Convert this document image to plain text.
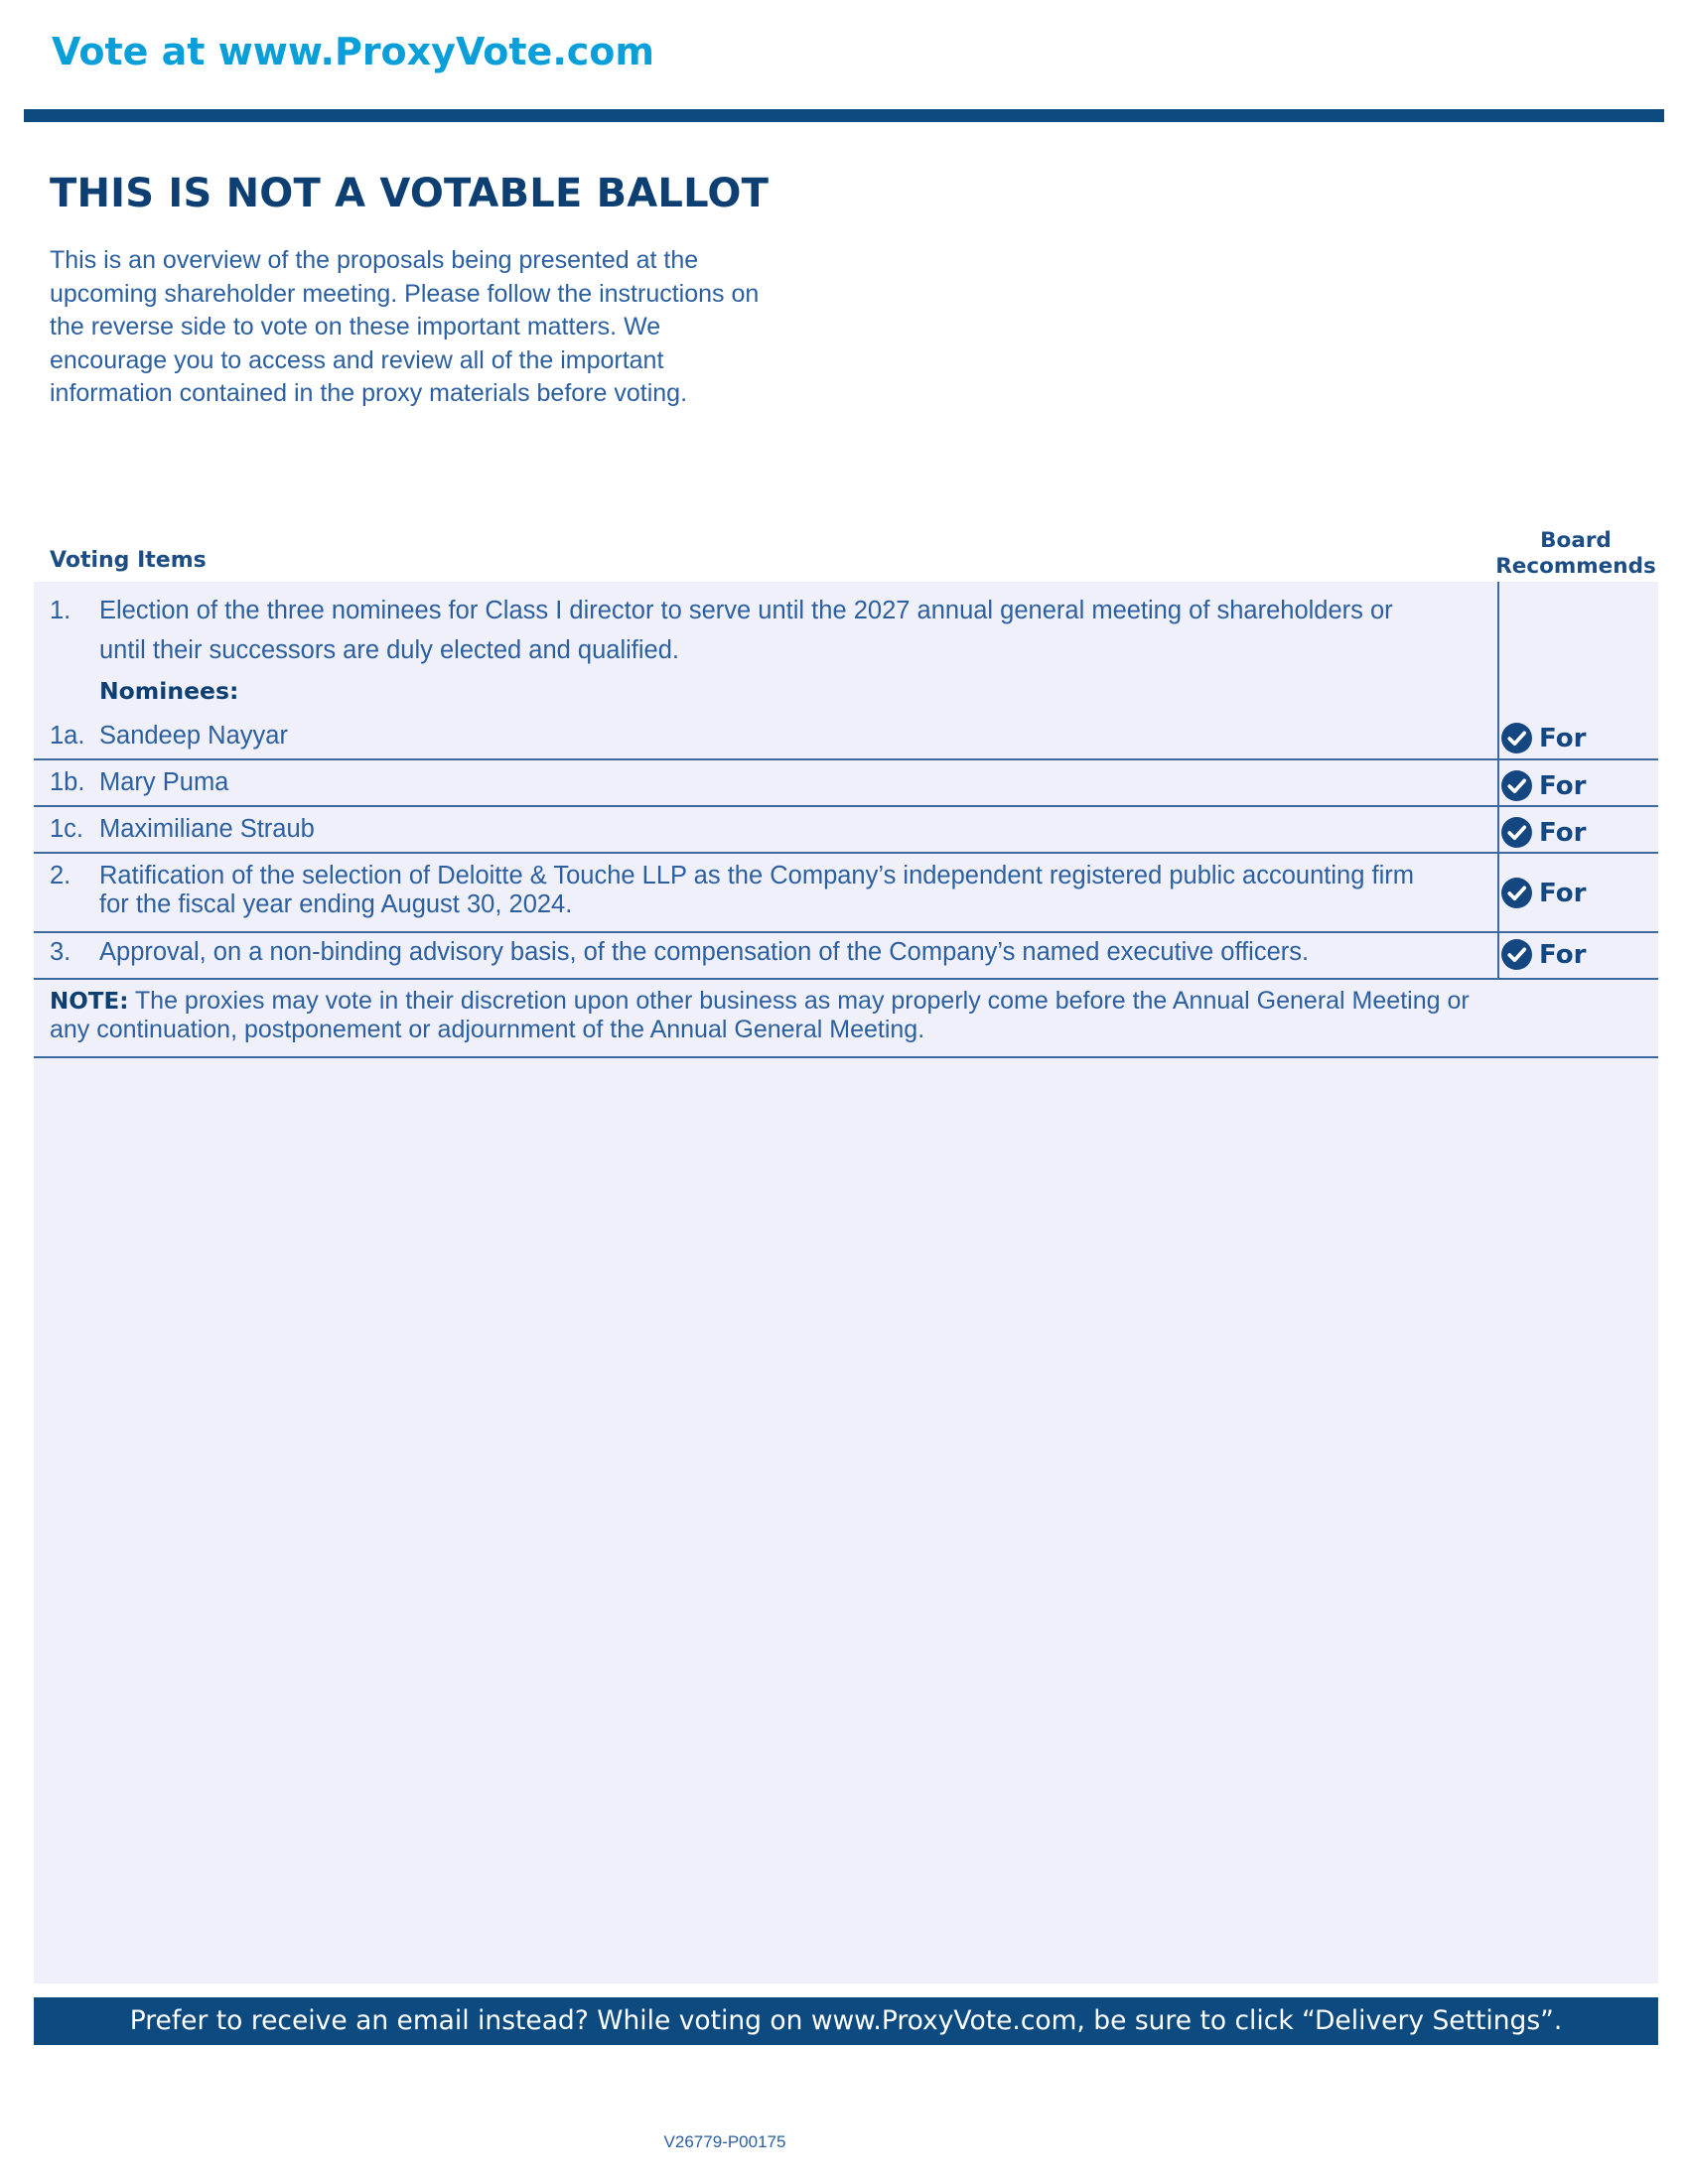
Vote at www.ProxyVote.com
THIS IS NOT A VOTABLE BALLOT

This is an overview of the proposals being presented at the upcoming shareholder meeting. Please follow the instructions on the reverse side to vote on these important matters. We encourage you to access and review all of the important information contained in the proxy materials before voting.

Voting Items
Board Recommends
1. Election of the three nominees for Class I director to serve until the 2027 annual general meeting of shareholders or
until their successors are duly elected and qualified.
Nominees:
1a. Sandeep Nayyar	For
1b. Mary Puma	For
1c. Maximiliane Straub	For
2. Ratification of the selection of Deloitte & Touche LLP as the Company’s independent registered public accounting firm
for the fiscal year ending August 30, 2024.	For
3. Approval, on a non-binding advisory basis, of the compensation of the Company’s named executive officers.	For

NOTE: The proxies may vote in their discretion upon other business as may properly come before the Annual General Meeting or any continuation, postponement or adjournment of the Annual General Meeting.

Prefer to receive an email instead? While voting on www.ProxyVote.com, be sure to click “Delivery Settings”.
V26779-P00175
